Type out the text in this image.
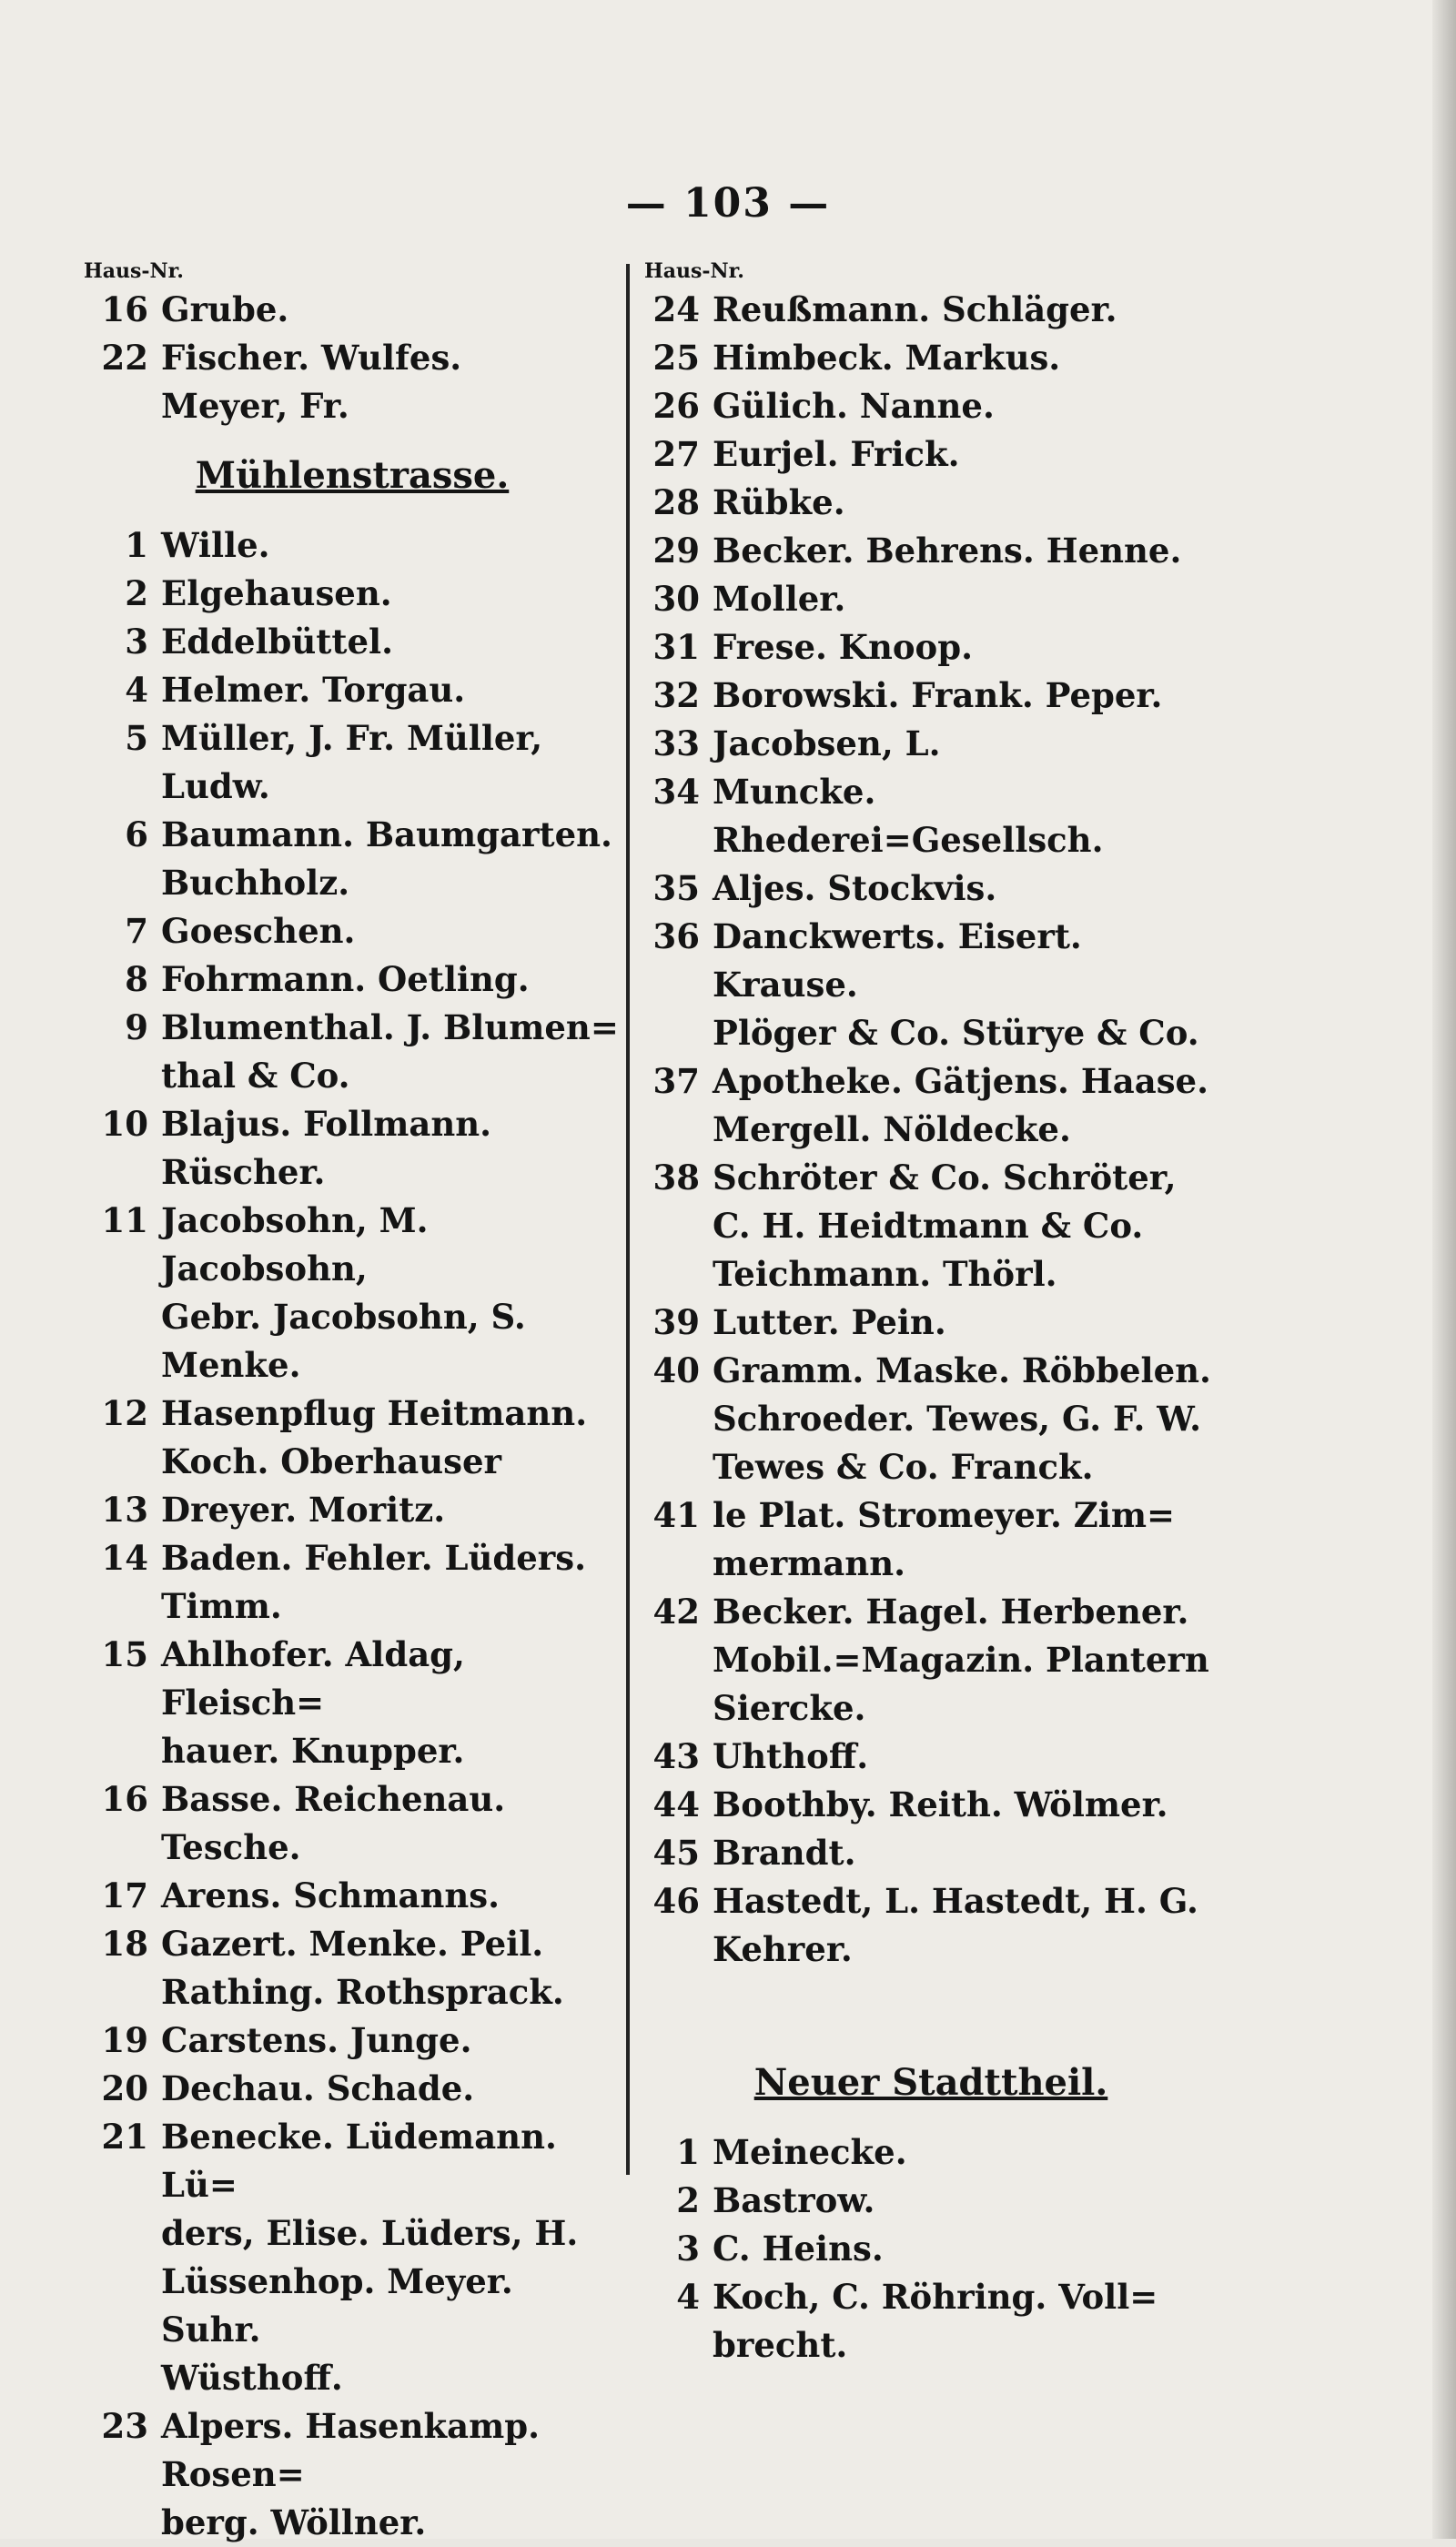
— 103 —
Haus-Nr.
16 Grube.
22 Fischer. Wulfes.
Meyer, Fr.
Mühlenstrasse.
1 Wille.
2 Elgehausen.
3 Eddelbüttel.
4 Helmer. Torgau.
5 Müller, J. Fr. Müller,
Ludw.
6 Baumann. Baumgarten.
Buchholz.
7 Goeschen.
8 Fohrmann. Oetling.
9 Blumenthal. J. Blumen=
thal & Co.
10 Blajus. Follmann. Rüscher.
11 Jacobsohn, M. Jacobsohn,
Gebr. Jacobsohn, S.
Menke.
12 Hasenpflug Heitmann.
Koch. Oberhauser
13 Dreyer. Moritz.
14 Baden. Fehler. Lüders.
Timm.
15 Ahlhofer. Aldag, Fleisch=
hauer. Knupper.
16 Basse. Reichenau. Tesche.
17 Arens. Schmanns.
18 Gazert. Menke. Peil.
Rathing. Rothsprack.
19 Carstens. Junge.
20 Dechau. Schade.
21 Benecke. Lüdemann. Lü=
ders, Elise. Lüders, H.
Lüssenhop. Meyer. Suhr.
Wüsthoff.
23 Alpers. Hasenkamp. Rosen=
berg. Wöllner.
Haus-Nr.
24 Reußmann. Schläger.
25 Himbeck. Markus.
26 Gülich. Nanne.
27 Eurjel. Frick.
28 Rübke.
29 Becker. Behrens. Henne.
30 Moller.
31 Frese. Knoop.
32 Borowski. Frank. Peper.
33 Jacobsen, L.
34 Muncke. Rhederei=Gesellsch.
35 Aljes. Stockvis.
36 Danckwerts. Eisert. Krause.
Plöger & Co. Stürye & Co.
37 Apotheke. Gätjens. Haase.
Mergell. Nöldecke.
38 Schröter & Co. Schröter,
C. H. Heidtmann & Co.
Teichmann. Thörl.
39 Lutter. Pein.
40 Gramm. Maske. Röbbelen.
Schroeder. Tewes, G. F. W.
Tewes & Co. Franck.
41 le Plat. Stromeyer. Zim=
mermann.
42 Becker. Hagel. Herbener.
Mobil.=Magazin. Plantern
Siercke.
43 Uhthoff.
44 Boothby. Reith. Wölmer.
45 Brandt.
46 Hastedt, L. Hastedt, H. G.
Kehrer.
Neuer Stadttheil.
1 Meinecke.
2 Bastrow.
3 C. Heins.
4 Koch, C. Röhring. Voll=
brecht.
